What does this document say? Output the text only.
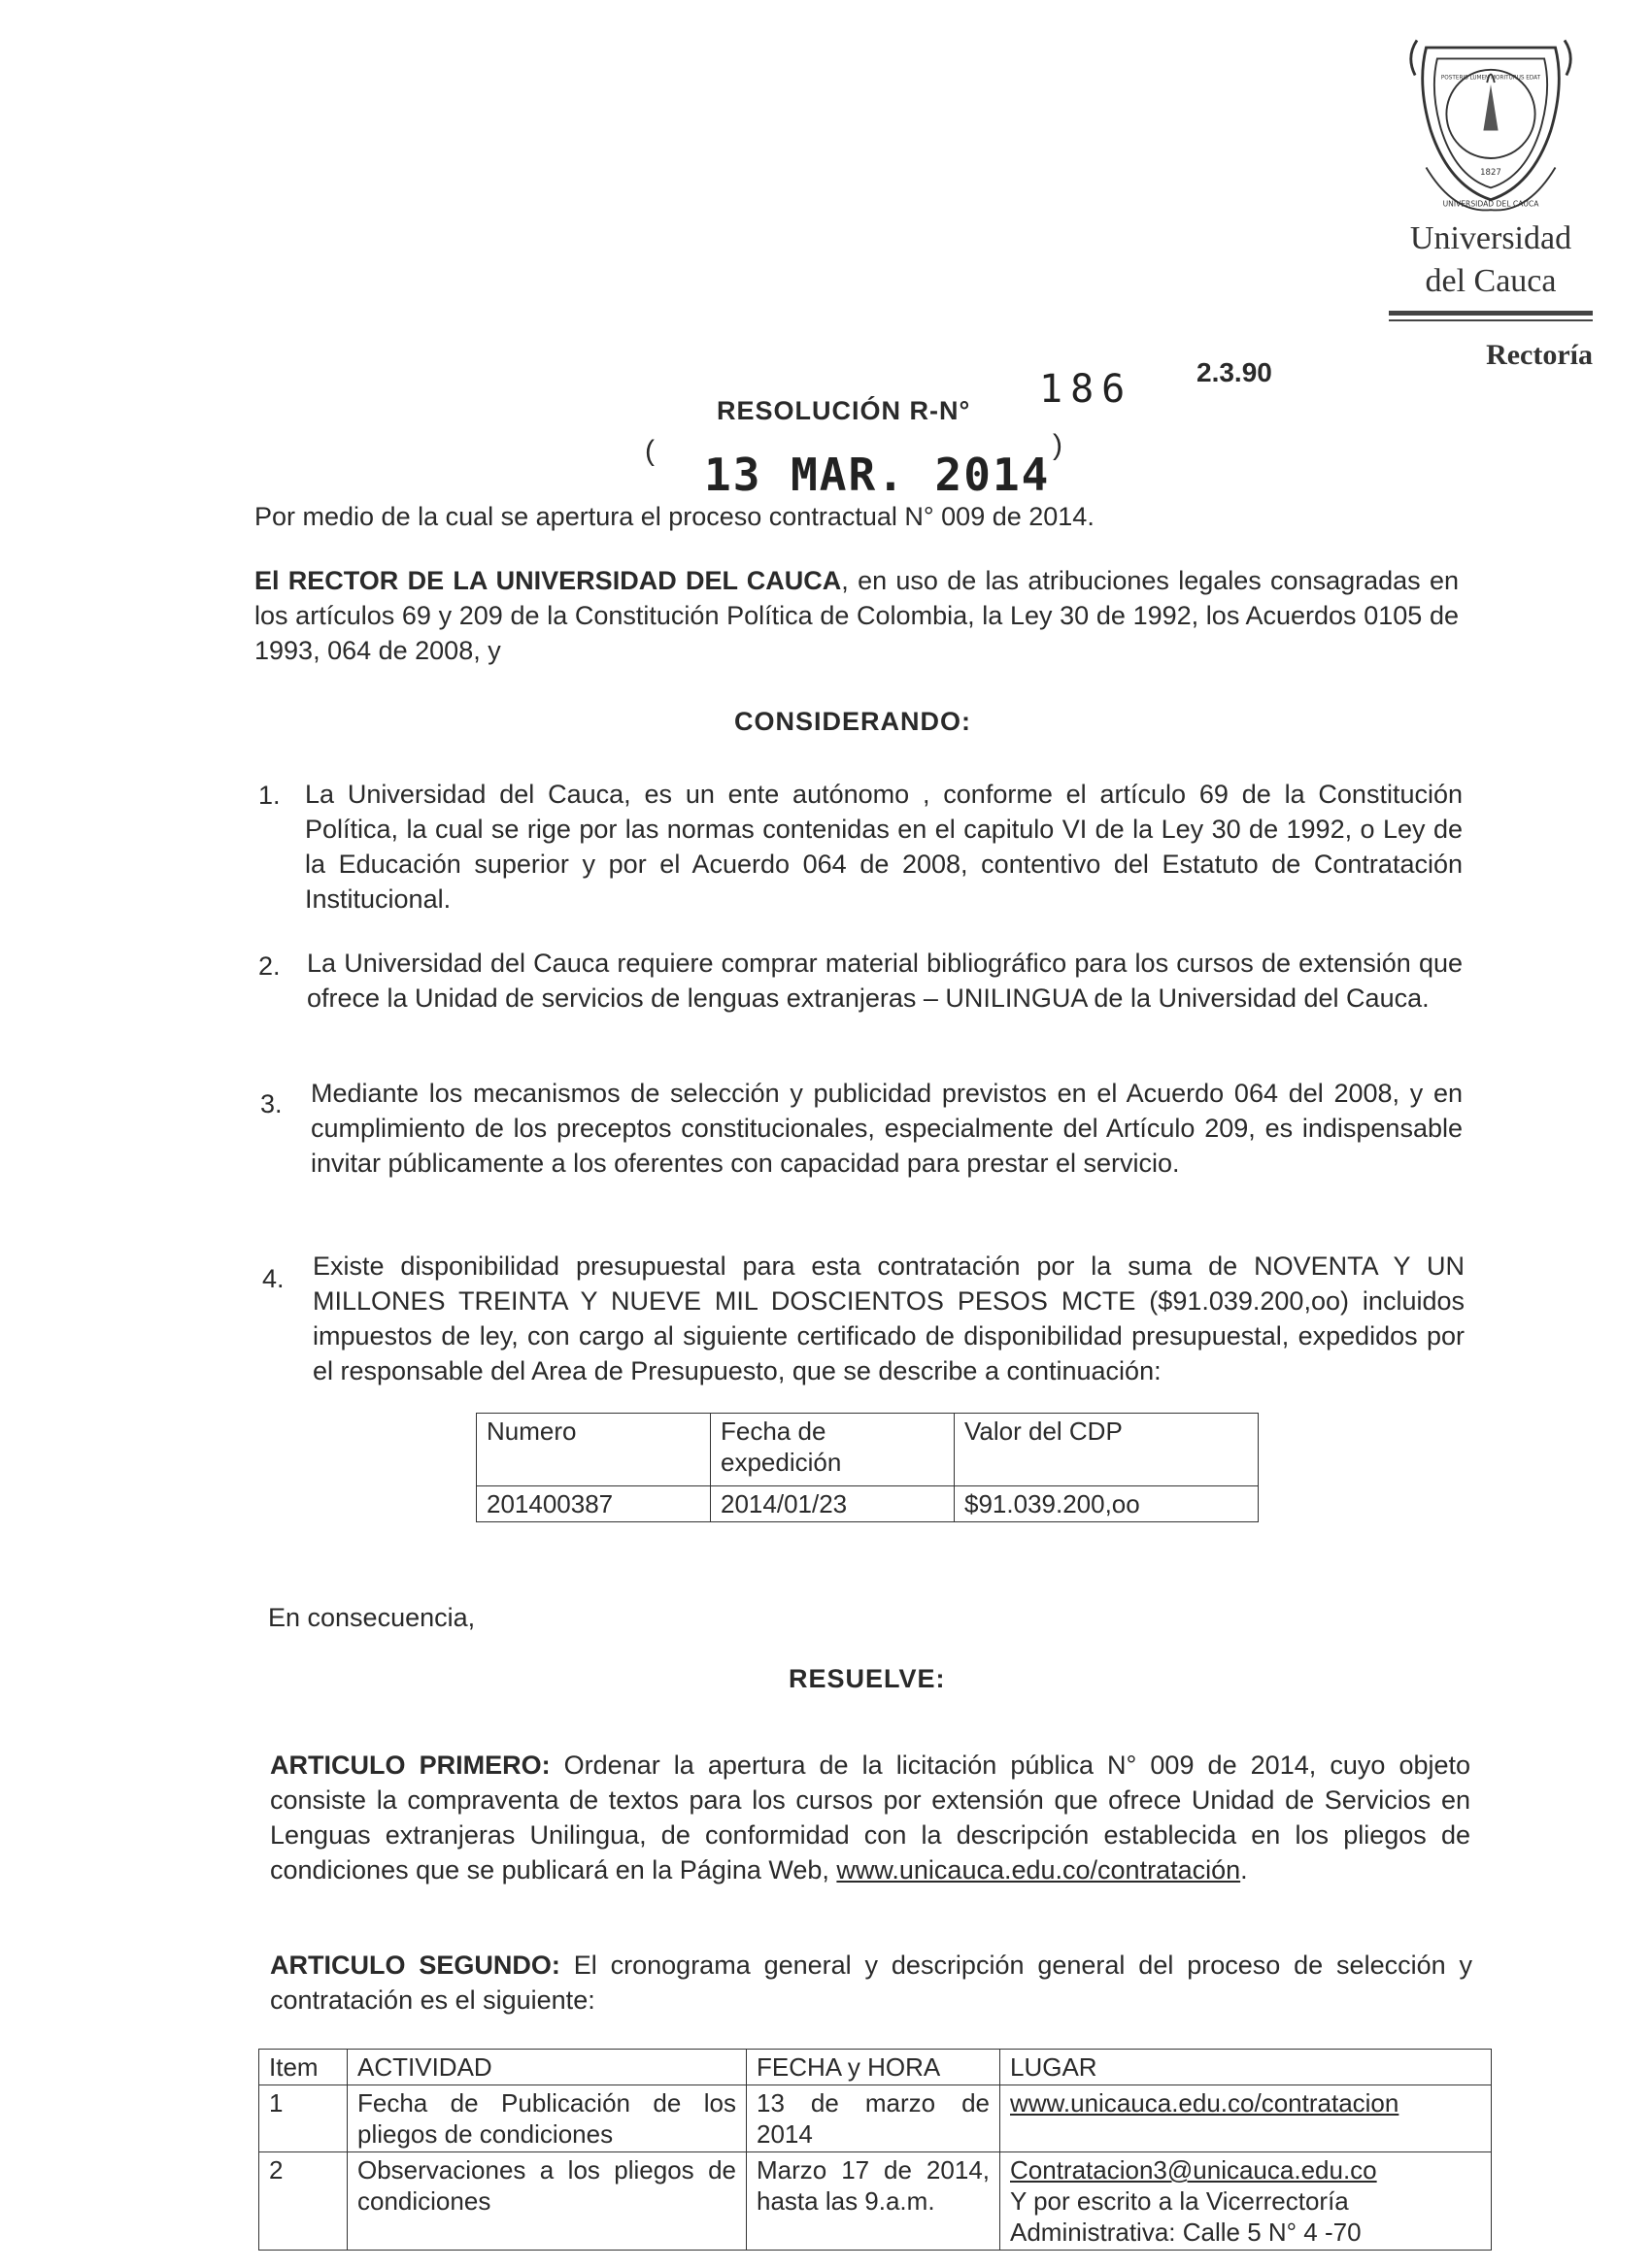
1827
UNIVERSIDAD DEL CAUCA
POSTERIS LUMEN MORITURUS EDAT
Universidad
del Cauca
Rectoría
2.3.90
RESOLUCIÓN R-N° 186
(	)
13 MAR. 2014
Por medio de la cual se apertura el proceso contractual N° 009 de 2014.
El RECTOR DE LA UNIVERSIDAD DEL CAUCA, en uso de las atribuciones legales consagradas en los artículos 69 y 209 de la Constitución Política de Colombia, la Ley 30 de 1992, los Acuerdos 0105 de 1993, 064 de 2008, y
CONSIDERANDO:
1. La Universidad del Cauca, es un ente autónomo , conforme el artículo 69 de la Constitución Política, la cual se rige por las normas contenidas en el capitulo VI de la Ley 30 de 1992, o Ley de la Educación superior y por el Acuerdo 064 de 2008, contentivo del Estatuto de Contratación Institucional.
2. La Universidad del Cauca requiere comprar material bibliográfico para los cursos de extensión que ofrece la Unidad de servicios de lenguas extranjeras – UNILINGUA de la Universidad del Cauca.
3. Mediante los mecanismos de selección y publicidad previstos en el Acuerdo 064 del 2008, y en cumplimiento de los preceptos constitucionales, especialmente del Artículo 209, es indispensable invitar públicamente a los oferentes con capacidad para prestar el servicio.
4. Existe disponibilidad presupuestal para esta contratación por la suma de NOVENTA Y UN MILLONES TREINTA Y NUEVE MIL DOSCIENTOS PESOS MCTE ($91.039.200,oo) incluidos impuestos de ley, con cargo al siguiente certificado de disponibilidad presupuestal, expedidos por el responsable del Area de Presupuesto, que se describe a continuación:
Numero	Fecha de expedición	Valor del CDP
201400387	2014/01/23	$91.039.200,oo
En consecuencia,
RESUELVE:
ARTICULO PRIMERO: Ordenar la apertura de la licitación pública N° 009 de 2014, cuyo objeto consiste la compraventa de textos para los cursos por extensión que ofrece Unidad de Servicios en Lenguas extranjeras Unilingua, de conformidad con la descripción establecida en los pliegos de condiciones que se publicará en la Página Web, www.unicauca.edu.co/contratación.
ARTICULO SEGUNDO: El cronograma general y descripción general del proceso de selección y contratación es el siguiente:
Item	ACTIVIDAD	FECHA y HORA	LUGAR
1	Fecha de Publicación de los pliegos de condiciones	13 de marzo de 2014	www.unicauca.edu.co/contratacion
2	Observaciones a los pliegos de condiciones	Marzo 17 de 2014, hasta las 9.a.m.	Contratacion3@unicauca.edu.co
Y por escrito a la Vicerrectoría Administrativa: Calle 5 N° 4 -70
